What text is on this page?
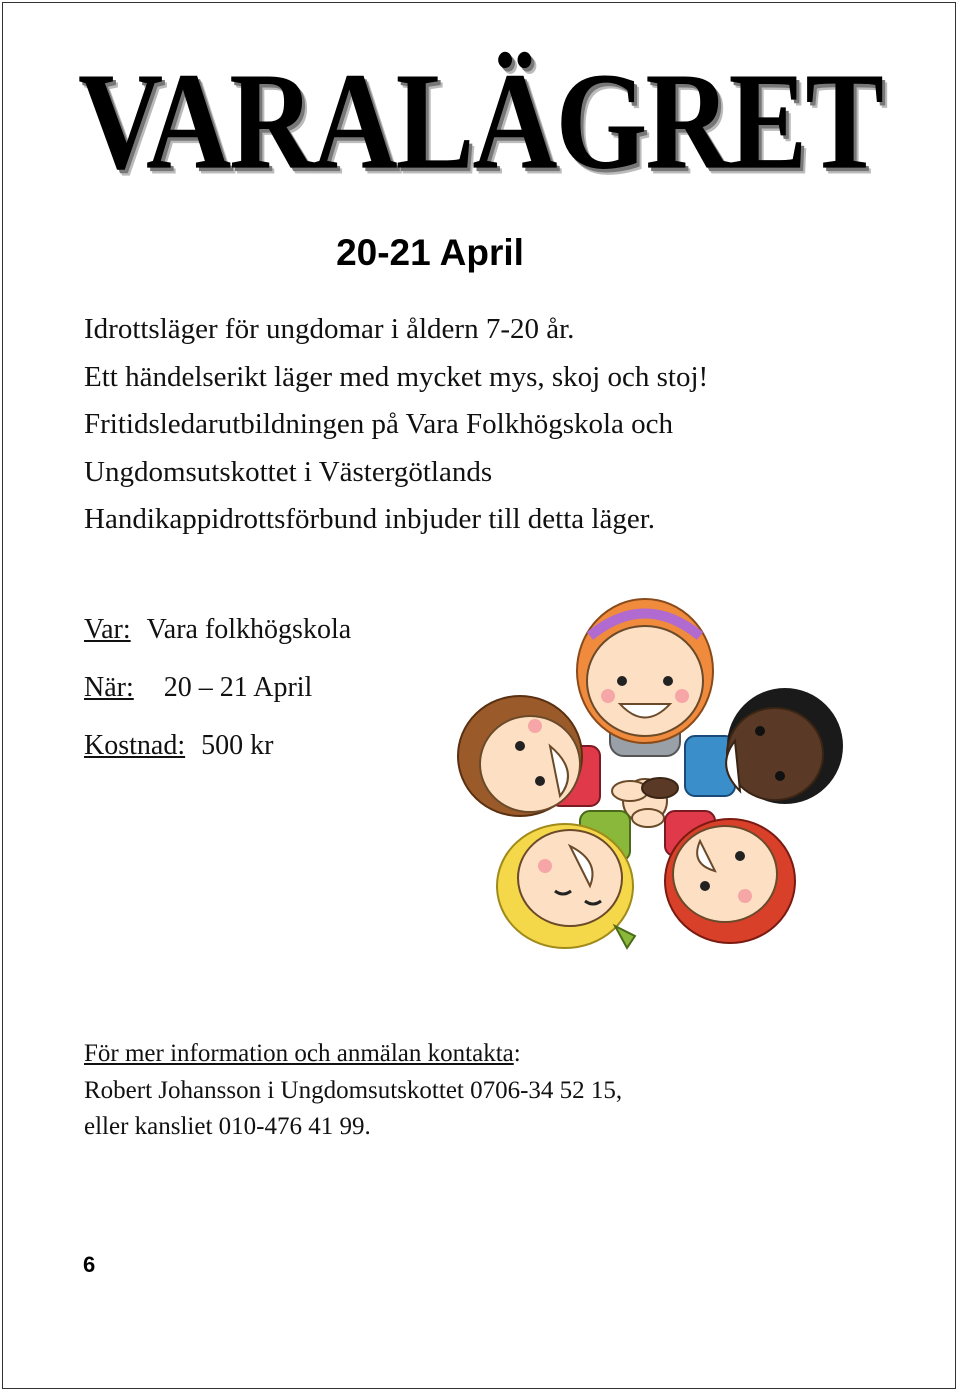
VARALÄGRET
20-21 April

Idrottsläger för ungdomar i åldern 7-20 år.

Ett händelserikt läger med mycket mys, skoj och stoj!

Fritidsledarutbildningen på Vara Folkhögskola och

Ungdomsutskottet i Västergötlands

Handikappidrottsförbund inbjuder till detta läger.

Var: Vara folkhögskola
När: 20 – 21 April
Kostnad: 500 kr

För mer information och anmälan kontakta:

Robert Johansson i Ungdomsutskottet 0706-34 52 15,

eller kansliet 010-476 41 99.

6
